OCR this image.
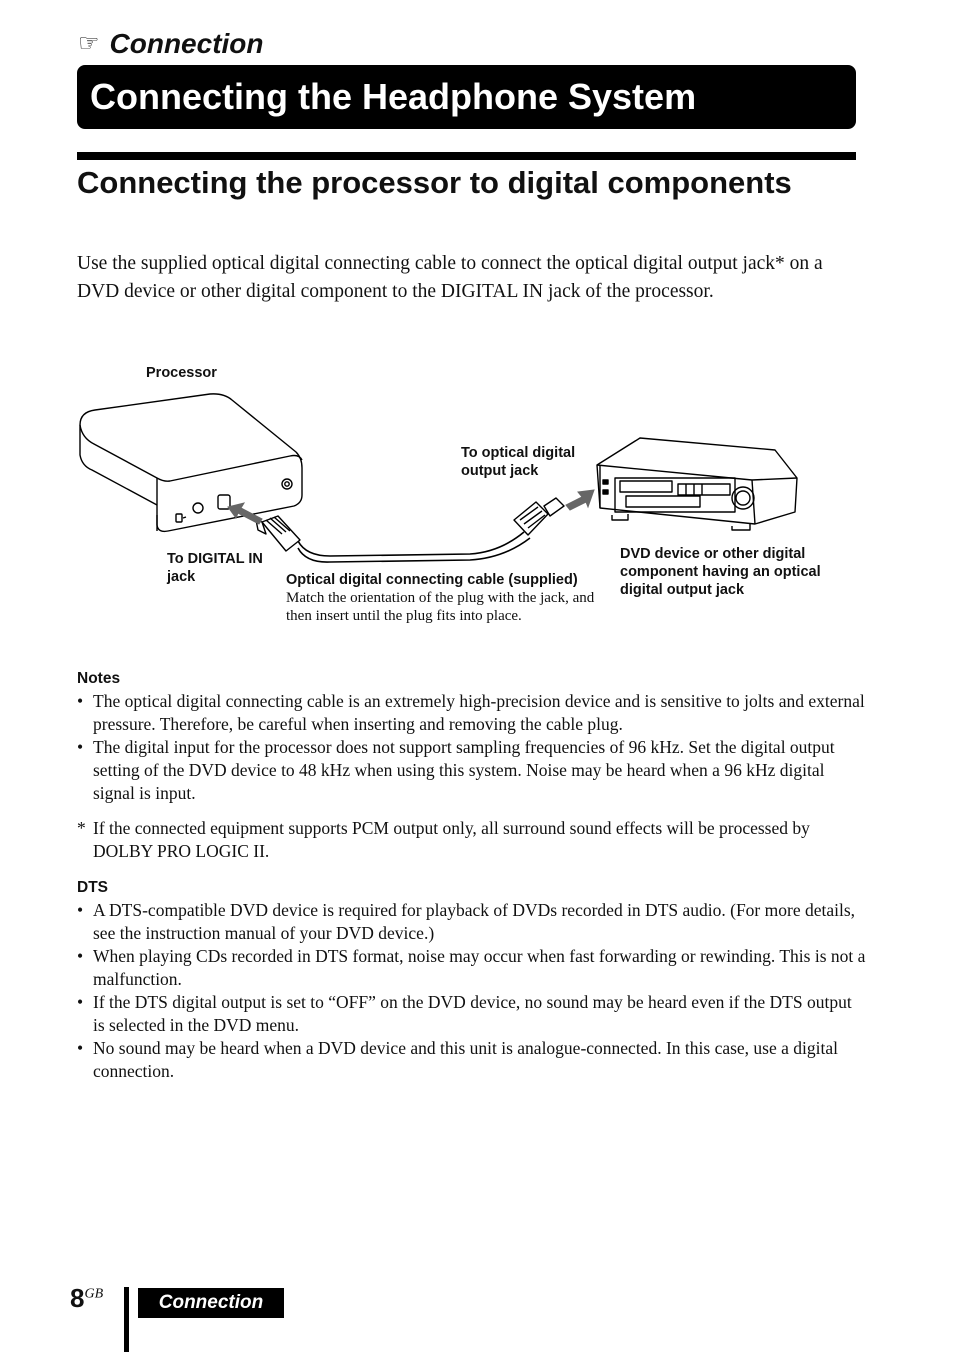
☞ Connection
Connecting the Headphone System
Connecting the processor to digital components
Use the supplied optical digital connecting cable to connect the optical digital output jack* on a DVD device or other digital component to the DIGITAL IN jack of the processor.
Processor
To DIGITAL IN jack
To optical digital output jack
DVD device or other digital component having an optical digital output jack
Optical digital connecting cable (supplied)
Match the orientation of the plug with the jack, and then insert until the plug fits into place.
Notes
• The optical digital connecting cable is an extremely high-precision device and is sensitive to jolts and external pressure. Therefore, be careful when inserting and removing the cable plug.
• The digital input for the processor does not support sampling frequencies of 96 kHz. Set the digital output setting of the DVD device to 48 kHz when using this system. Noise may be heard when a 96 kHz digital signal is input.
* If the connected equipment supports PCM output only, all surround sound effects will be processed by DOLBY PRO LOGIC II.
DTS
• A DTS-compatible DVD device is required for playback of DVDs recorded in DTS audio. (For more details, see the instruction manual of your DVD device.)
• When playing CDs recorded in DTS format, noise may occur when fast forwarding or rewinding. This is not a malfunction.
• If the DTS digital output is set to “OFF” on the DVD device, no sound may be heard even if the DTS output is selected in the DVD menu.
• No sound may be heard when a DVD device and this unit is analogue-connected. In this case, use a digital connection.
$8^{GB}$	Connection
